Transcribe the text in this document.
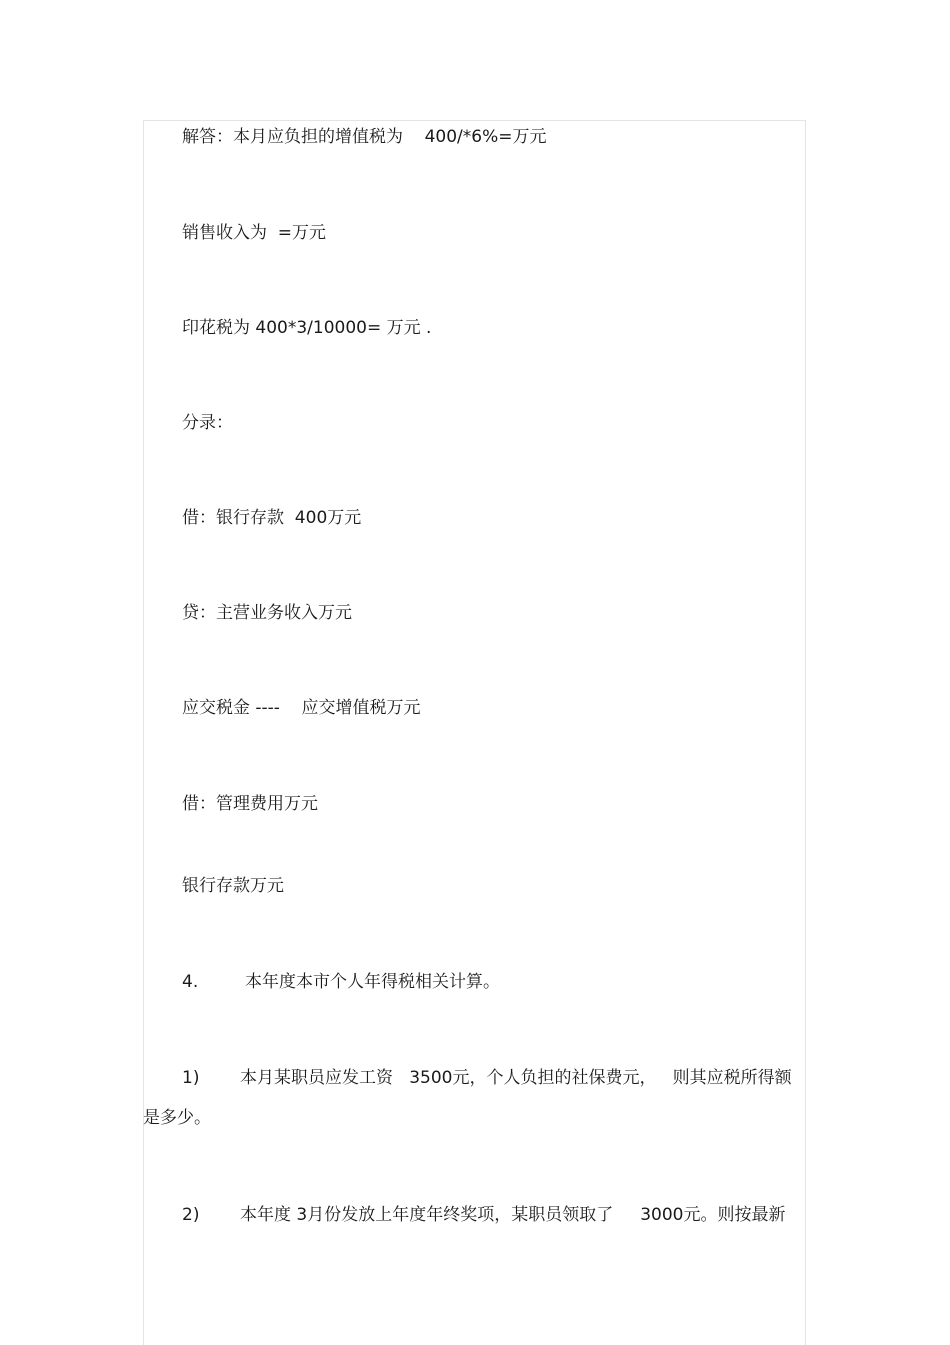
解答：本月应负担的增值税为    400/*6%=万元
销售收入为  =万元
印花税为 400*3/10000= 万元 .
分录：
借：银行存款  400万元
贷：主营业务收入万元
应交税金 ----    应交增值税万元
借：管理费用万元
银行存款万元

4.

	本年度本市个人年得税相关计算。

1)

本月某职员应发工资   3500元，个人负担的社保费元，   则其应税所得额

是多少。

2)

本年度 3月份发放上年度年终奖项，某职员领取了     3000元。则按最新
